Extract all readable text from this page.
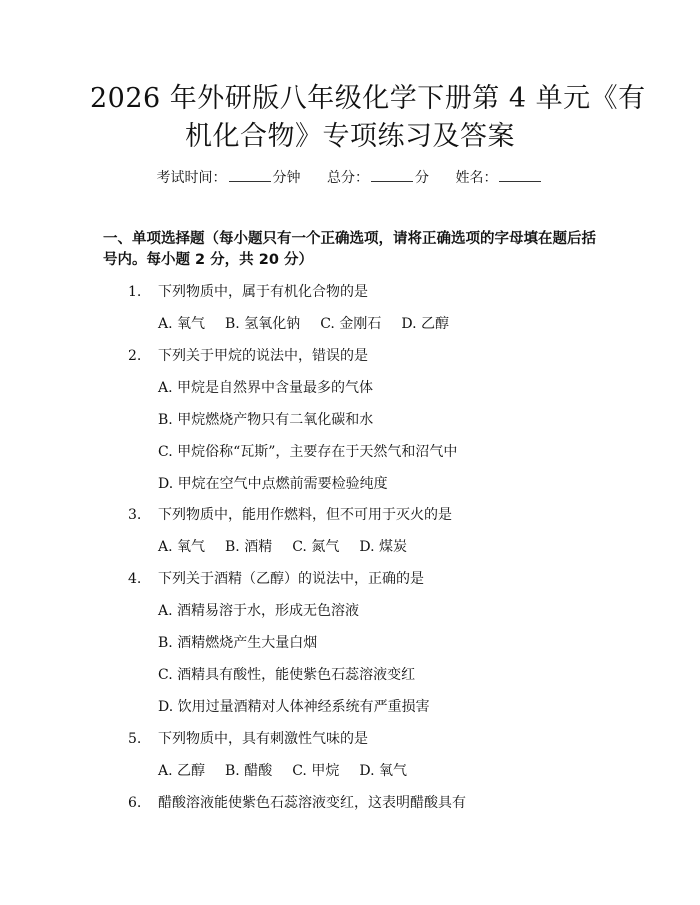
2026 年外研版八年级化学下册第 4 单元《有
机化合物》专项练习及答案
考试时间：	分钟 总分：	分 姓名：
一、单项选择题（每小题只有一个正确选项，请将正确选项的字母填在题后括号内。每小题 2 分，共 20 分）
1. 下列物质中，属于有机化合物的是
A. 氧气 B. 氢氧化钠 C. 金刚石 D. 乙醇
2. 下列关于甲烷的说法中，错误的是
A. 甲烷是自然界中含量最多的气体
B. 甲烷燃烧产物只有二氧化碳和水
C. 甲烷俗称“瓦斯”，主要存在于天然气和沼气中
D. 甲烷在空气中点燃前需要检验纯度
3. 下列物质中，能用作燃料，但不可用于灭火的是
A. 氧气 B. 酒精 C. 氮气 D. 煤炭
4. 下列关于酒精（乙醇）的说法中，正确的是
A. 酒精易溶于水，形成无色溶液
B. 酒精燃烧产生大量白烟
C. 酒精具有酸性，能使紫色石蕊溶液变红
D. 饮用过量酒精对人体神经系统有严重损害
5. 下列物质中，具有刺激性气味的是
A. 乙醇 B. 醋酸 C. 甲烷 D. 氧气
6. 醋酸溶液能使紫色石蕊溶液变红，这表明醋酸具有
